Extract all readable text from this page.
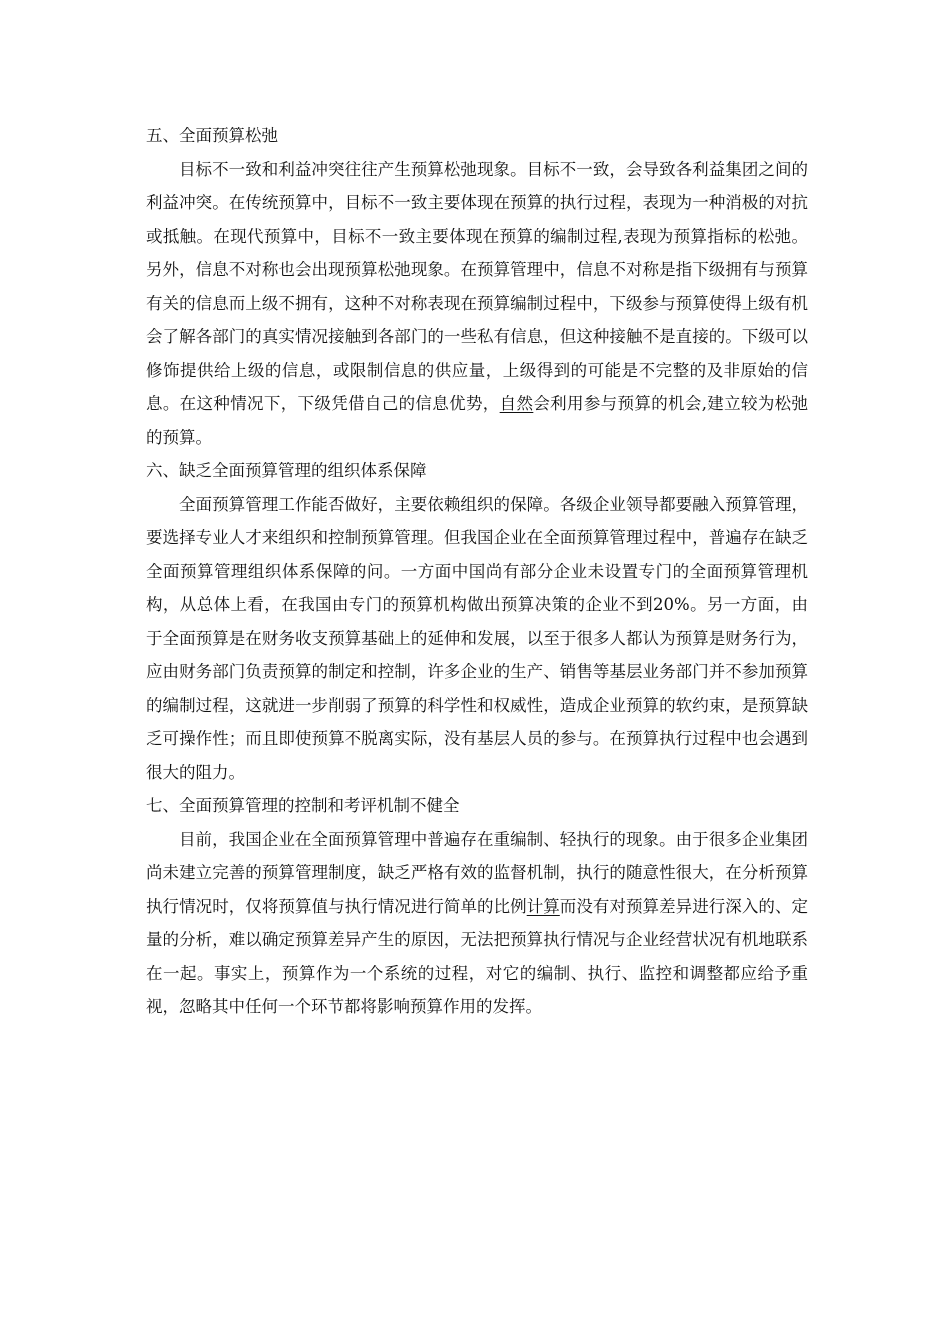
五、全面预算松弛

目标不一致和利益冲突往往产生预算松弛现象。目标不一致，会导致各利益集团之间的利益冲突。在传统预算中，目标不一致主要体现在预算的执行过程，表现为一种消极的对抗或抵触。在现代预算中，目标不一致主要体现在预算的编制过程,表现为预算指标的松弛。另外，信息不对称也会出现预算松弛现象。在预算管理中，信息不对称是指下级拥有与预算有关的信息而上级不拥有，这种不对称表现在预算编制过程中，下级参与预算使得上级有机会了解各部门的真实情况接触到各部门的一些私有信息，但这种接触不是直接的。下级可以修饰提供给上级的信息，或限制信息的供应量，上级得到的可能是不完整的及非原始的信息。在这种情况下，下级凭借自己的信息优势，自然会利用参与预算的机会,建立较为松弛的预算。

六、缺乏全面预算管理的组织体系保障

全面预算管理工作能否做好，主要依赖组织的保障。各级企业领导都要融入预算管理，要选择专业人才来组织和控制预算管理。但我国企业在全面预算管理过程中，普遍存在缺乏全面预算管理组织体系保障的问。一方面中国尚有部分企业未设置专门的全面预算管理机构，从总体上看，在我国由专门的预算机构做出预算决策的企业不到20%。另一方面，由于全面预算是在财务收支预算基础上的延伸和发展，以至于很多人都认为预算是财务行为，应由财务部门负责预算的制定和控制，许多企业的生产、销售等基层业务部门并不参加预算的编制过程，这就进一步削弱了预算的科学性和权威性，造成企业预算的软约束，是预算缺乏可操作性；而且即使预算不脱离实际，没有基层人员的参与。在预算执行过程中也会遇到很大的阻力。

七、全面预算管理的控制和考评机制不健全

目前，我国企业在全面预算管理中普遍存在重编制、轻执行的现象。由于很多企业集团尚未建立完善的预算管理制度，缺乏严格有效的监督机制，执行的随意性很大，在分析预算执行情况时，仅将预算值与执行情况进行简单的比例计算而没有对预算差异进行深入的、定量的分析，难以确定预算差异产生的原因，无法把预算执行情况与企业经营状况有机地联系在一起。事实上，预算作为一个系统的过程，对它的编制、执行、监控和调整都应给予重视，忽略其中任何一个环节都将影响预算作用的发挥。
